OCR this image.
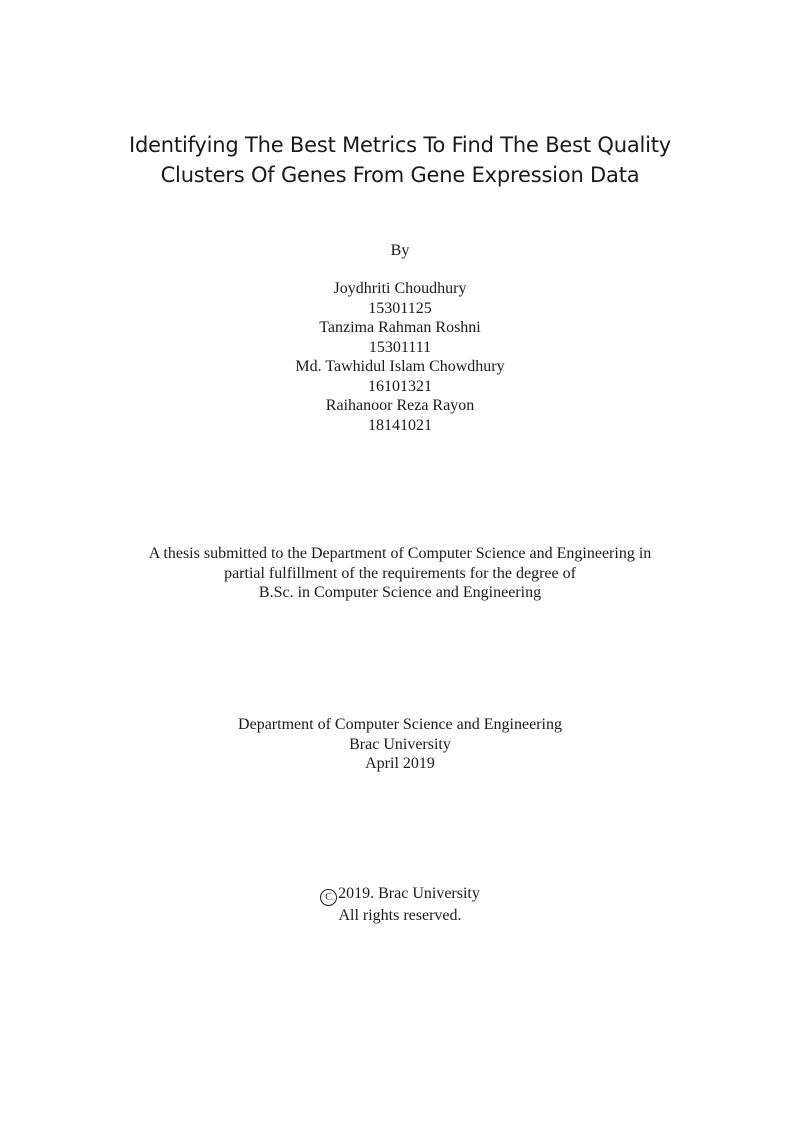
Identifying The Best Metrics To Find The Best Quality
Clusters Of Genes From Gene Expression Data
By
Joydhriti Choudhury
15301125
Tanzima Rahman Roshni
15301111
Md. Tawhidul Islam Chowdhury
16101321
Raihanoor Reza Rayon
18141021
A thesis submitted to the Department of Computer Science and Engineering in
partial fulfillment of the requirements for the degree of
B.Sc. in Computer Science and Engineering
Department of Computer Science and Engineering
Brac University
April 2019
C 2019. Brac University
All rights reserved.
